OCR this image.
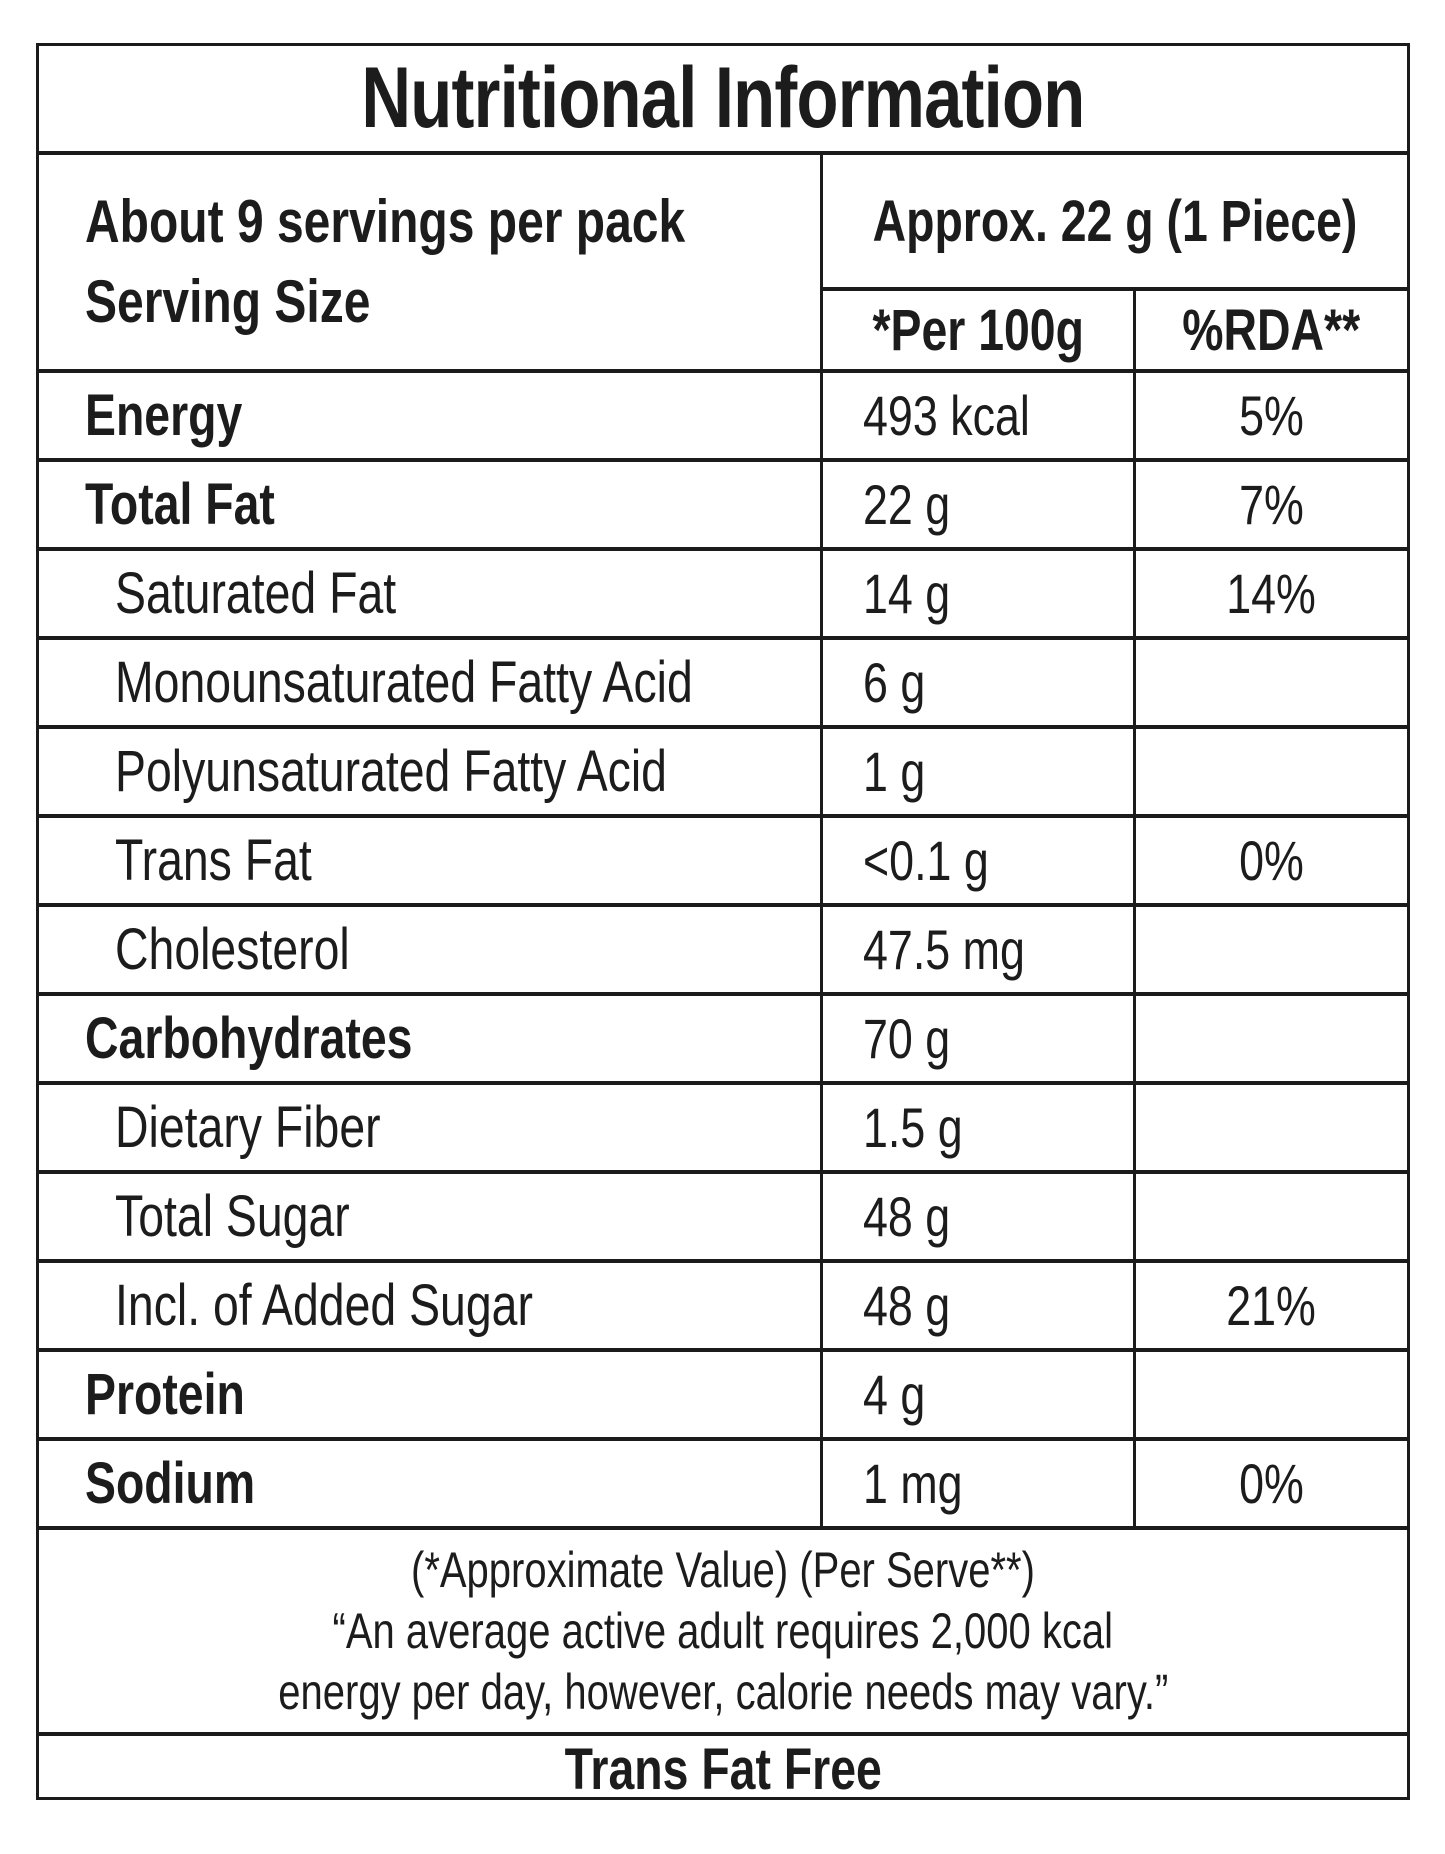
Nutritional Information
About 9 servings per pack
Serving Size
Approx. 22 g (1 Piece)
*Per 100g %RDA**
Energy	493 kcal	5%
Total Fat	22 g	7%
Saturated Fat	14 g	14%
Monounsaturated Fatty Acid	6 g
Polyunsaturated Fatty Acid	1 g
Trans Fat	<0.1 g	0%
Cholesterol	47.5 mg
Carbohydrates	70 g
Dietary Fiber	1.5 g
Total Sugar	48 g
Incl. of Added Sugar	48 g	21%
Protein	4 g
Sodium	1 mg	0%
(*Approximate Value) (Per Serve**)
“An average active adult requires 2,000 kcal
energy per day, however, calorie needs may vary.”
Trans Fat Free
